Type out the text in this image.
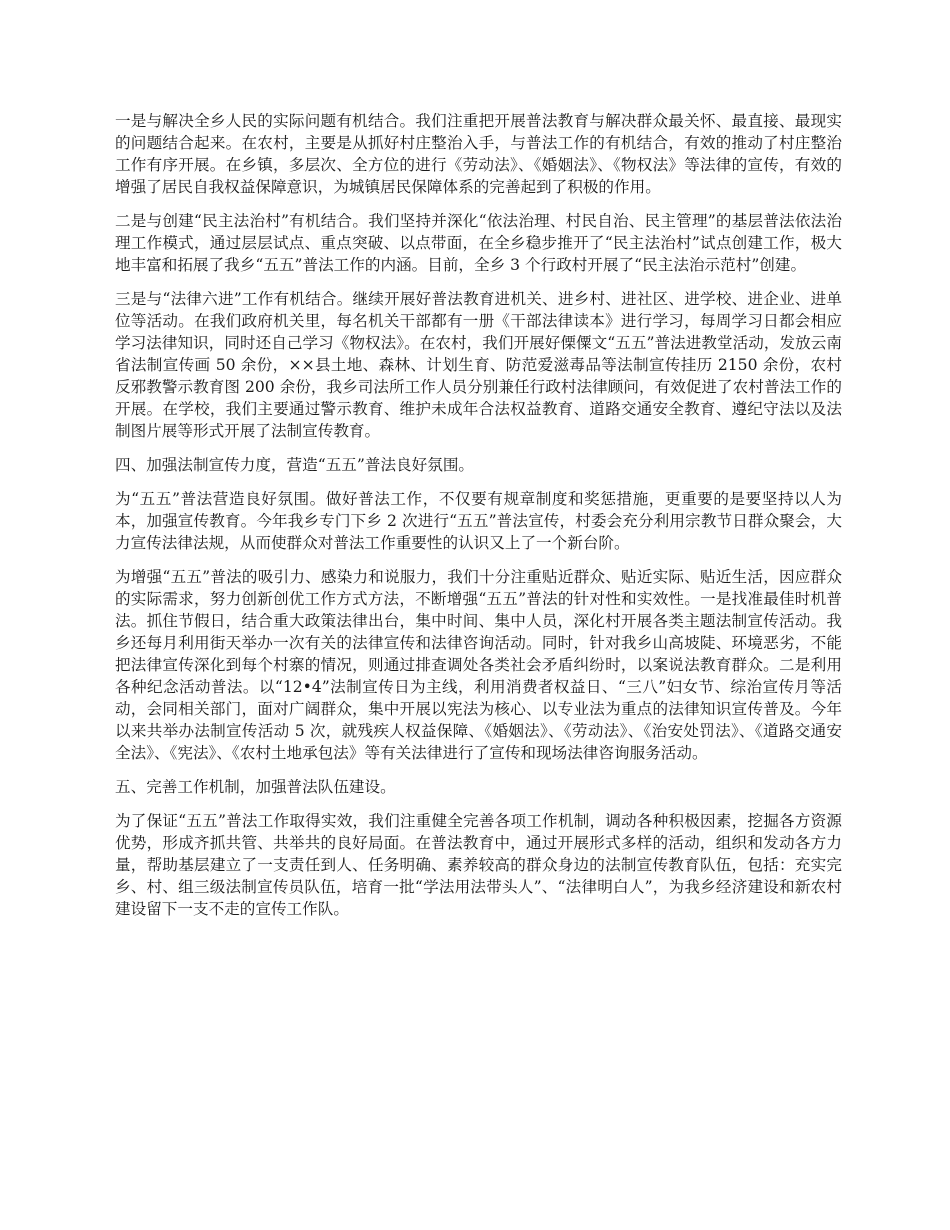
一是与解决全乡人民的实际问题有机结合。我们注重把开展普法教育与解决群众最关怀、最直接、最现实的问题结合起来。在农村，主要是从抓好村庄整治入手，与普法工作的有机结合，有效的推动了村庄整治工作有序开展。在乡镇，多层次、全方位的进行《劳动法》、《婚姻法》、《物权法》等法律的宣传，有效的增强了居民自我权益保障意识，为城镇居民保障体系的完善起到了积极的作用。

二是与创建“民主法治村”有机结合。我们坚持并深化“依法治理、村民自治、民主管理”的基层普法依法治理工作模式，通过层层试点、重点突破、以点带面，在全乡稳步推开了“民主法治村”试点创建工作，极大地丰富和拓展了我乡“五五”普法工作的内涵。目前，全乡 3 个行政村开展了“民主法治示范村”创建。

三是与“法律六进”工作有机结合。继续开展好普法教育进机关、进乡村、进社区、进学校、进企业、进单位等活动。在我们政府机关里，每名机关干部都有一册《干部法律读本》进行学习，每周学习日都会相应学习法律知识，同时还自己学习《物权法》。在农村，我们开展好傈僳文“五五”普法进教堂活动，发放云南省法制宣传画 50 余份，××县土地、森林、计划生育、防范爱滋毒品等法制宣传挂历 2150 余份，农村反邪教警示教育图 200 余份，我乡司法所工作人员分别兼任行政村法律顾问，有效促进了农村普法工作的开展。在学校，我们主要通过警示教育、维护未成年合法权益教育、道路交通安全教育、遵纪守法以及法制图片展等形式开展了法制宣传教育。

四、加强法制宣传力度，营造“五五”普法良好氛围。

为“五五”普法营造良好氛围。做好普法工作，不仅要有规章制度和奖惩措施，更重要的是要坚持以人为 本，加强宣传教育。今年我乡专门下乡 2 次进行“五五”普法宣传，村委会充分利用宗教节日群众聚会，大力宣传法律法规，从而使群众对普法工作重要性的认识又上了一个新台阶。

为增强“五五”普法的吸引力、感染力和说服力，我们十分注重贴近群众、贴近实际、贴近生活，因应群众的实际需求，努力创新创优工作方式方法，不断增强“五五”普法的针对性和实效性。一是找准最佳时机普法。抓住节假日，结合重大政策法律出台，集中时间、集中人员，深化村开展各类主题法制宣传活动。我乡还每月利用街天举办一次有关的法律宣传和法律咨询活动。同时，针对我乡山高坡陡、环境恶劣，不能把法律宣传深化到每个村寨的情况，则通过排查调处各类社会矛盾纠纷时，以案说法教育群众。二是利用各种纪念活动普法。以“12•4”法制宣传日为主线，利用消费者权益日、“三八”妇女节、综治宣传月等活动，会同相关部门，面对广阔群众，集中开展以宪法为核心、以专业法为重点的法律知识宣传普及。今年以来共举办法制宣传活动 5 次，就残疾人权益保障、《婚姻法》、《劳动法》、《治安处罚法》、《道路交通安全法》、《宪法》、《农村土地承包法》等有关法律进行了宣传和现场法律咨询服务活动。

五、完善工作机制，加强普法队伍建设。

为了保证“五五”普法工作取得实效，我们注重健全完善各项工作机制，调动各种积极因素，挖掘各方资源优势，形成齐抓共管、共举共的良好局面。在普法教育中，通过开展形式多样的活动，组织和发动各方力量，帮助基层建立了一支责任到人、任务明确、素养较高的群众身边的法制宣传教育队伍，包括：充实完乡、村、组三级法制宣传员队伍，培育一批“学法用法带头人”、“法律明白人”，为我乡经济建设和新农村建设留下一支不走的宣传工作队。
